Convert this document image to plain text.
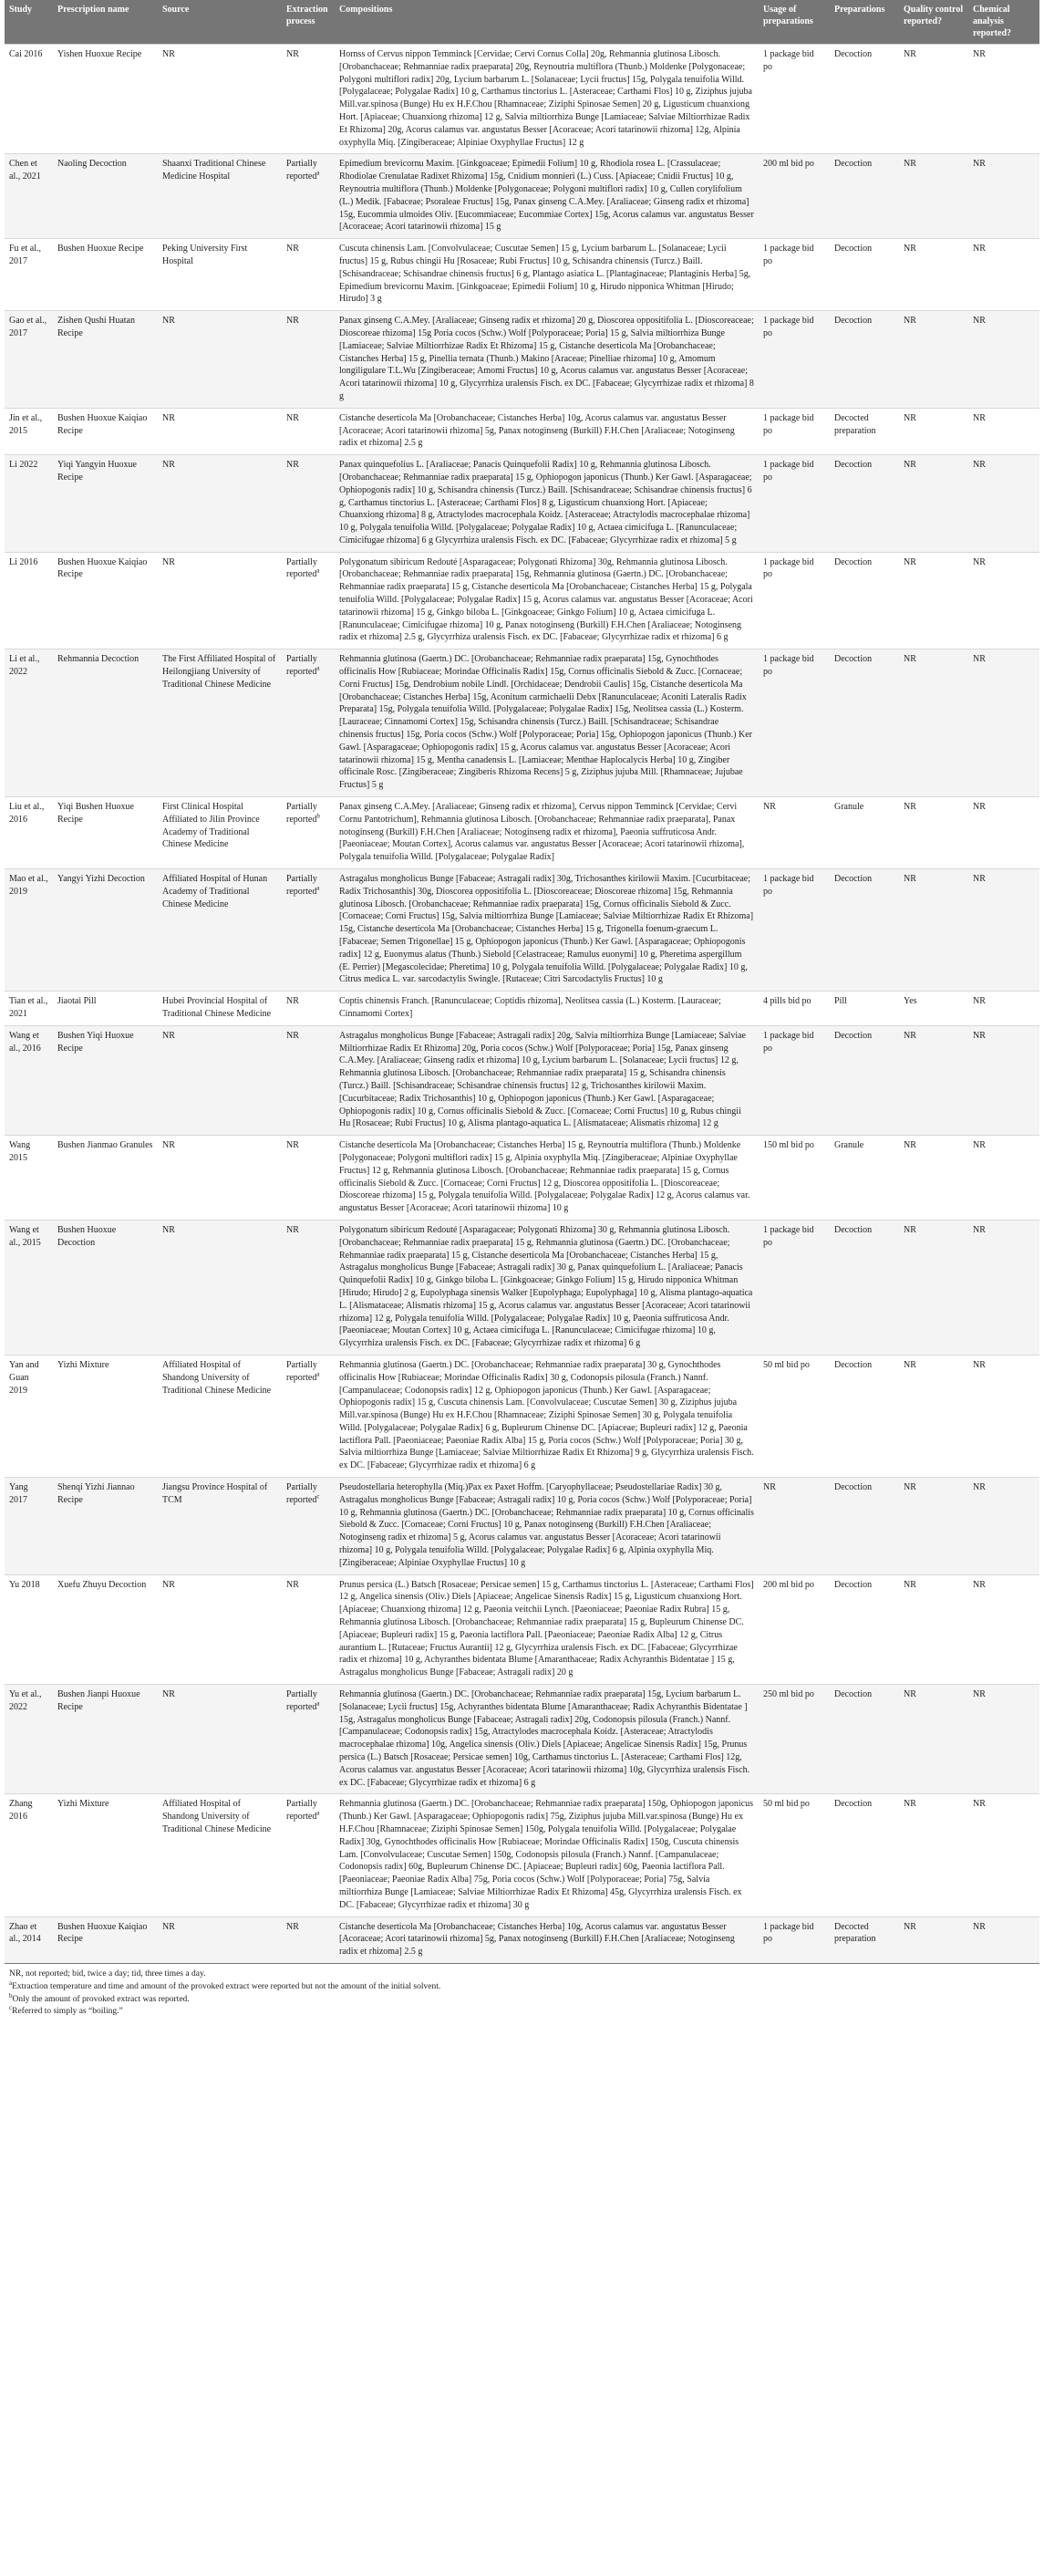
Study	Prescription name	Source	Extraction process	Compositions	Usage of preparations	Preparations	Quality control reported?	Chemical analysis reported?
Cai 2016	Yishen Huoxue Recipe	NR	NR	Hornss of Cervus nippon Temminck [Cervidae; Cervi Cornus Colla] 20g, Rehmannia glutinosa Libosch. [Orobanchaceae; Rehmanniae radix praeparata] 20g, Reynoutria multiflora (Thunb.) Moldenke [Polygonaceae; Polygoni multiflori radix] 20g, Lycium barbarum L. [Solanaceae; Lycii fructus] 15g, Polygala tenuifolia Willd. [Polygalaceae; Polygalae Radix] 10 g, Carthamus tinctorius L. [Asteraceae; Carthami Flos] 10 g, Ziziphus jujuba Mill.var.spinosa (Bunge) Hu ex H.F.Chou [Rhamnaceae; Ziziphi Spinosae Semen] 20 g, Ligusticum chuanxiong Hort. [Apiaceae; Chuanxiong rhizoma] 12 g, Salvia miltiorrhiza Bunge [Lamiaceae; Salviae Miltiorrhizae Radix Et Rhizoma] 20g, Acorus calamus var. angustatus Besser [Acoraceae; Acori tatarinowii rhizoma] 12g, Alpinia oxyphylla Miq. [Zingiberaceae; Alpiniae Oxyphyllae Fructus] 12 g	1 package bid po	Decoction	NR	NR
Chen et al., 2021	Naoling Decoction	Shaanxi Traditional Chinese Medicine Hospital	Partially reported$^a$	Epimedium brevicornu Maxim. [Ginkgoaceae; Epimedii Folium] 10 g, Rhodiola rosea L. [Crassulaceae; Rhodiolae Crenulatae Radixet Rhizoma] 15g, Cnidium monnieri (L.) Cuss. [Apiaceae; Cnidii Fructus] 10 g, Reynoutria multiflora (Thunb.) Moldenke [Polygonaceae; Polygoni multiflori radix] 10 g, Cullen corylifolium (L.) Medik. [Fabaceae; Psoraleae Fructus] 15g, Panax ginseng C.A.Mey. [Araliaceae; Ginseng radix et rhizoma] 15g, Eucommia ulmoides Oliv. [Eucommiaceae; Eucommiae Cortex] 15g, Acorus calamus var. angustatus Besser [Acoraceae; Acori tatarinowii rhizoma] 15 g	200 ml bid po	Decoction	NR	NR
Fu et al., 2017	Bushen Huoxue Recipe	Peking University First Hospital	NR	Cuscuta chinensis Lam. [Convolvulaceae; Cuscutae Semen] 15 g, Lycium barbarum L. [Solanaceae; Lycii fructus] 15 g, Rubus chingii Hu [Rosaceae; Rubi Fructus] 10 g, Schisandra chinensis (Turcz.) Baill. [Schisandraceae; Schisandrae chinensis fructus] 6 g, Plantago asiatica L. [Plantaginaceae; Plantaginis Herba] 5g, Epimedium brevicornu Maxim. [Ginkgoaceae; Epimedii Folium] 10 g, Hirudo nipponica Whitman [Hirudo; Hirudo] 3 g	1 package bid po	Decoction	NR	NR
Gao et al., 2017	Zishen Qushi Huatan Recipe	NR	NR	Panax ginseng C.A.Mey. [Araliaceae; Ginseng radix et rhizoma] 20 g, Dioscorea oppositifolia L. [Dioscoreaceae; Dioscoreae rhizoma] 15g Poria cocos (Schw.) Wolf [Polyporaceae; Poria] 15 g, Salvia miltiorrhiza Bunge [Lamiaceae; Salviae Miltiorrhizae Radix Et Rhizoma] 15 g, Cistanche deserticola Ma [Orobanchaceae; Cistanches Herba] 15 g, Pinellia ternata (Thunb.) Makino [Araceae; Pinelliae rhizoma] 10 g, Amomum longiligulare T.L.Wu [Zingiberaceae; Amomi Fructus] 10 g, Acorus calamus var. angustatus Besser [Acoraceae; Acori tatarinowii rhizoma] 10 g, Glycyrrhiza uralensis Fisch. ex DC. [Fabaceae; Glycyrrhizae radix et rhizoma] 8 g	1 package bid po	Decoction	NR	NR
Jin et al., 2015	Bushen Huoxue Kaiqiao Recipe	NR	NR	Cistanche deserticola Ma [Orobanchaceae; Cistanches Herba] 10g, Acorus calamus var. angustatus Besser [Acoraceae; Acori tatarinowii rhizoma] 5g, Panax notoginseng (Burkill) F.H.Chen [Araliaceae; Notoginseng radix et rhizoma] 2.5 g	1 package bid po	Decocted preparation	NR	NR
Li 2022	Yiqi Yangyin Huoxue Recipe	NR	NR	Panax quinquefolius L. [Araliaceae; Panacis Quinquefolii Radix] 10 g, Rehmannia glutinosa Libosch. [Orobanchaceae; Rehmanniae radix praeparata] 15 g, Ophiopogon japonicus (Thunb.) Ker Gawl. [Asparagaceae; Ophiopogonis radix] 10 g, Schisandra chinensis (Turcz.) Baill. [Schisandraceae; Schisandrae chinensis fructus] 6 g, Carthamus tinctorius L. [Asteraceae; Carthami Flos] 8 g, Ligusticum chuanxiong Hort. [Apiaceae; Chuanxiong rhizoma] 8 g, Atractylodes macrocephala Koidz. [Asteraceae; Atractylodis macrocephalae rhizoma] 10 g, Polygala tenuifolia Willd. [Polygalaceae; Polygalae Radix] 10 g, Actaea cimicifuga L. [Ranunculaceae; Cimicifugae rhizoma] 6 g Glycyrrhiza uralensis Fisch. ex DC. [Fabaceae; Glycyrrhizae radix et rhizoma] 5 g	1 package bid po	Decoction	NR	NR
Li 2016	Bushen Huoxue Kaiqiao Recipe	NR	Partially reported$^a$	Polygonatum sibiricum Redouté [Asparagaceae; Polygonati Rhizoma] 30g, Rehmannia glutinosa Libosch. [Orobanchaceae; Rehmanniae radix praeparata] 15g, Rehmannia glutinosa (Gaertn.) DC. [Orobanchaceae; Rehmanniae radix praeparata] 15 g, Cistanche deserticola Ma [Orobanchaceae; Cistanches Herba] 15 g, Polygala tenuifolia Willd. [Polygalaceae; Polygalae Radix] 15 g, Acorus calamus var. angustatus Besser [Acoraceae; Acori tatarinowii rhizoma] 15 g, Ginkgo biloba L. [Ginkgoaceae; Ginkgo Folium] 10 g, Actaea cimicifuga L. [Ranunculaceae; Cimicifugae rhizoma] 10 g, Panax notoginseng (Burkill) F.H.Chen [Araliaceae; Notoginseng radix et rhizoma] 2.5 g, Glycyrrhiza uralensis Fisch. ex DC. [Fabaceae; Glycyrrhizae radix et rhizoma] 6 g	1 package bid po	Decoction	NR	NR
Li et al., 2022	Rehmannia Decoction	The First Affiliated Hospital of Heilongjiang University of Traditional Chinese Medicine	Partially reported$^a$	Rehmannia glutinosa (Gaertn.) DC. [Orobanchaceae; Rehmanniae radix praeparata] 15g, Gynochthodes officinalis How [Rubiaceae; Morindae Officinalis Radix] 15g, Cornus officinalis Siebold & Zucc. [Cornaceae; Corni Fructus] 15g, Dendrobium nobile Lindl. [Orchidaceae; Dendrobii Caulis] 15g, Cistanche deserticola Ma [Orobanchaceae; Cistanches Herba] 15g, Aconitum carmichaelii Debx [Ranunculaceae; Aconiti Lateralis Radix Preparata] 15g, Polygala tenuifolia Willd. [Polygalaceae; Polygalae Radix] 15g, Neolitsea cassia (L.) Kosterm. [Lauraceae; Cinnamomi Cortex] 15g, Schisandra chinensis (Turcz.) Baill. [Schisandraceae; Schisandrae chinensis fructus] 15g, Poria cocos (Schw.) Wolf [Polyporaceae; Poria] 15g, Ophiopogon japonicus (Thunb.) Ker Gawl. [Asparagaceae; Ophiopogonis radix] 15 g, Acorus calamus var. angustatus Besser [Acoraceae; Acori tatarinowii rhizoma] 15 g, Mentha canadensis L. [Lamiaceae; Menthae Haplocalycis Herba] 10 g, Zingiber officinale Rosc. [Zingiberaceae; Zingiberis Rhizoma Recens] 5 g, Ziziphus jujuba Mill. [Rhamnaceae; Jujubae Fructus] 5 g	1 package bid po	Decoction	NR	NR
Liu et al., 2016	Yiqi Bushen Huoxue Recipe	First Clinical Hospital Affiliated to Jilin Province Academy of Traditional Chinese Medicine	Partially reported$^b$	Panax ginseng C.A.Mey. [Araliaceae; Ginseng radix et rhizoma], Cervus nippon Temminck [Cervidae; Cervi Cornu Pantotrichum], Rehmannia glutinosa Libosch. [Orobanchaceae; Rehmanniae radix praeparata], Panax notoginseng (Burkill) F.H.Chen [Araliaceae; Notoginseng radix et rhizoma], Paeonia suffruticosa Andr. [Paeoniaceae; Moutan Cortex], Acorus calamus var. angustatus Besser [Acoraceae; Acori tatarinowii rhizoma], Polygala tenuifolia Willd. [Polygalaceae; Polygalae Radix]	NR	Granule	NR	NR
Mao et al., 2019	Yangyi Yizhi Decoction	Affiliated Hospital of Hunan Academy of Traditional Chinese Medicine	Partially reported$^a$	Astragalus mongholicus Bunge [Fabaceae; Astragali radix] 30g, Trichosanthes kirilowii Maxim. [Cucurbitaceae; Radix Trichosanthis] 30g, Dioscorea oppositifolia L. [Dioscoreaceae; Dioscoreae rhizoma] 15g, Rehmannia glutinosa Libosch. [Orobanchaceae; Rehmanniae radix praeparata] 15g, Cornus officinalis Siebold & Zucc. [Cornaceae; Corni Fructus] 15g, Salvia miltiorrhiza Bunge [Lamiaceae; Salviae Miltiorrhizae Radix Et Rhizoma] 15g, Cistanche deserticola Ma [Orobanchaceae; Cistanches Herba] 15 g, Trigonella foenum-graecum L. [Fabaceae; Semen Trigonellae] 15 g, Ophiopogon japonicus (Thunb.) Ker Gawl. [Asparagaceae; Ophiopogonis radix] 12 g, Euonymus alatus (Thunb.) Siebold [Celastraceae; Ramulus euonymi] 10 g, Pheretima aspergillum (E. Perrier) [Megascolecidae; Pheretima] 10 g, Polygala tenuifolia Willd. [Polygalaceae; Polygalae Radix] 10 g, Citrus medica L. var. sarcodactylis Swingle. [Rutaceae; Citri Sarcodactylis Fructus] 10 g	1 package bid po	Decoction	NR	NR
Tian et al., 2021	Jiaotai Pill	Hubei Provincial Hospital of Traditional Chinese Medicine	NR	Coptis chinensis Franch. [Ranunculaceae; Coptidis rhizoma], Neolitsea cassia (L.) Kosterm. [Lauraceae; Cinnamomi Cortex]	4 pills bid po	Pill	Yes	NR
Wang et al., 2016	Bushen Yiqi Huoxue Recipe	NR	NR	Astragalus mongholicus Bunge [Fabaceae; Astragali radix] 20g, Salvia miltiorrhiza Bunge [Lamiaceae; Salviae Miltiorrhizae Radix Et Rhizoma] 20g, Poria cocos (Schw.) Wolf [Polyporaceae; Poria] 15g, Panax ginseng C.A.Mey. [Araliaceae; Ginseng radix et rhizoma] 10 g, Lycium barbarum L. [Solanaceae; Lycii fructus] 12 g, Rehmannia glutinosa Libosch. [Orobanchaceae; Rehmanniae radix praeparata] 15 g, Schisandra chinensis (Turcz.) Baill. [Schisandraceae; Schisandrae chinensis fructus] 12 g, Trichosanthes kirilowii Maxim. [Cucurbitaceae; Radix Trichosanthis] 10 g, Ophiopogon japonicus (Thunb.) Ker Gawl. [Asparagaceae; Ophiopogonis radix] 10 g, Cornus officinalis Siebold & Zucc. [Cornaceae; Corni Fructus] 10 g, Rubus chingii Hu [Rosaceae; Rubi Fructus] 10 g, Alisma plantago-aquatica L. [Alismataceae; Alismatis rhizoma] 12 g	1 package bid po	Decoction	NR	NR
Wang 2015	Bushen Jianmao Granules	NR	NR	Cistanche deserticola Ma [Orobanchaceae; Cistanches Herba] 15 g, Reynoutria multiflora (Thunb.) Moldenke [Polygonaceae; Polygoni multiflori radix] 15 g, Alpinia oxyphylla Miq. [Zingiberaceae; Alpiniae Oxyphyllae Fructus] 12 g, Rehmannia glutinosa Libosch. [Orobanchaceae; Rehmanniae radix praeparata] 15 g, Cornus officinalis Siebold & Zucc. [Cornaceae; Corni Fructus] 12 g, Dioscorea oppositifolia L. [Dioscoreaceae; Dioscoreae rhizoma] 15 g, Polygala tenuifolia Willd. [Polygalaceae; Polygalae Radix] 12 g, Acorus calamus var. angustatus Besser [Acoraceae; Acori tatarinowii rhizoma] 10 g	150 ml bid po	Granule	NR	NR
Wang et al., 2015	Bushen Huoxue Decoction	NR	NR	Polygonatum sibiricum Redouté [Asparagaceae; Polygonati Rhizoma] 30 g, Rehmannia glutinosa Libosch. [Orobanchaceae; Rehmanniae radix praeparata] 15 g, Rehmannia glutinosa (Gaertn.) DC. [Orobanchaceae; Rehmanniae radix praeparata] 15 g, Cistanche deserticola Ma [Orobanchaceae; Cistanches Herba] 15 g, Astragalus mongholicus Bunge [Fabaceae; Astragali radix] 30 g, Panax quinquefolium L. [Araliaceae; Panacis Quinquefolii Radix] 10 g, Ginkgo biloba L. [Ginkgoaceae; Ginkgo Folium] 15 g, Hirudo nipponica Whitman [Hirudo; Hirudo] 2 g, Eupolyphaga sinensis Walker [Eupolyphaga; Eupolyphaga] 10 g, Alisma plantago-aquatica L. [Alismataceae; Alismatis rhizoma] 15 g, Acorus calamus var. angustatus Besser [Acoraceae; Acori tatarinowii rhizoma] 12 g, Polygala tenuifolia Willd. [Polygalaceae; Polygalae Radix] 10 g, Paeonia suffruticosa Andr. [Paeoniaceae; Moutan Cortex] 10 g, Actaea cimicifuga L. [Ranunculaceae; Cimicifugae rhizoma] 10 g, Glycyrrhiza uralensis Fisch. ex DC. [Fabaceae; Glycyrrhizae radix et rhizoma] 6 g	1 package bid po	Decoction	NR	NR
Yan and Guan 2019	Yizhi Mixture	Affiliated Hospital of Shandong University of Traditional Chinese Medicine	Partially reported$^a$	Rehmannia glutinosa (Gaertn.) DC. [Orobanchaceae; Rehmanniae radix praeparata] 30 g, Gynochthodes officinalis How [Rubiaceae; Morindae Officinalis Radix] 30 g, Codonopsis pilosula (Franch.) Nannf. [Campanulaceae; Codonopsis radix] 12 g, Ophiopogon japonicus (Thunb.) Ker Gawl. [Asparagaceae; Ophiopogonis radix] 15 g, Cuscuta chinensis Lam. [Convolvulaceae; Cuscutae Semen] 30 g, Ziziphus jujuba Mill.var.spinosa (Bunge) Hu ex H.F.Chou [Rhamnaceae; Ziziphi Spinosae Semen] 30 g, Polygala tenuifolia Willd. [Polygalaceae; Polygalae Radix] 6 g, Bupleurum Chinense DC. [Apiaceae; Bupleuri radix] 12 g, Paeonia lactiflora Pall. [Paeoniaceae; Paeoniae Radix Alba] 15 g, Poria cocos (Schw.) Wolf [Polyporaceae; Poria] 30 g, Salvia miltiorrhiza Bunge [Lamiaceae; Salviae Miltiorrhizae Radix Et Rhizoma] 9 g, Glycyrrhiza uralensis Fisch. ex DC. [Fabaceae; Glycyrrhizae radix et rhizoma] 6 g	50 ml bid po	Decoction	NR	NR
Yang 2017	Shenqi Yizhi Jiannao Recipe	Jiangsu Province Hospital of TCM	Partially reported$^c$	Pseudostellaria heterophylla (Miq.)Pax ex Paxet Hoffm. [Caryophyllaceae; Pseudostellariae Radix] 30 g, Astragalus mongholicus Bunge [Fabaceae; Astragali radix] 10 g, Poria cocos (Schw.) Wolf [Polyporaceae; Poria] 10 g, Rehmannia glutinosa (Gaertn.) DC. [Orobanchaceae; Rehmanniae radix praeparata] 10 g, Cornus officinalis Siebold & Zucc. [Cornaceae; Corni Fructus] 10 g, Panax notoginseng (Burkill) F.H.Chen [Araliaceae; Notoginseng radix et rhizoma] 5 g, Acorus calamus var. angustatus Besser [Acoraceae; Acori tatarinowii rhizoma] 10 g, Polygala tenuifolia Willd. [Polygalaceae; Polygalae Radix] 6 g, Alpinia oxyphylla Miq. [Zingiberaceae; Alpiniae Oxyphyllae Fructus] 10 g	NR	Decoction	NR	NR
Yu 2018	Xuefu Zhuyu Decoction	NR	NR	Prunus persica (L.) Batsch [Rosaceae; Persicae semen] 15 g, Carthamus tinctorius L. [Asteraceae; Carthami Flos] 12 g, Angelica sinensis (Oliv.) Diels [Apiaceae; Angelicae Sinensis Radix] 15 g, Ligusticum chuanxiong Hort. [Apiaceae; Chuanxiong rhizoma] 12 g, Paeonia veitchii Lynch. [Paeoniaceae; Paeoniae Radix Rubra] 15 g, Rehmannia glutinosa Libosch. [Orobanchaceae; Rehmanniae radix praeparata] 15 g, Bupleurum Chinense DC. [Apiaceae; Bupleuri radix] 15 g, Paeonia lactiflora Pall. [Paeoniaceae; Paeoniae Radix Alba] 12 g, Citrus aurantium L. [Rutaceae; Fructus Aurantii] 12 g, Glycyrrhiza uralensis Fisch. ex DC. [Fabaceae; Glycyrrhizae radix et rhizoma] 10 g, Achyranthes bidentata Blume [Amaranthaceae; Radix Achyranthis Bidentatae ] 15 g, Astragalus mongholicus Bunge [Fabaceae; Astragali radix] 20 g	200 ml bid po	Decoction	NR	NR
Yu et al., 2022	Bushen Jianpi Huoxue Recipe	NR	Partially reported$^a$	Rehmannia glutinosa (Gaertn.) DC. [Orobanchaceae; Rehmanniae radix praeparata] 15g, Lycium barbarum L. [Solanaceae; Lycii fructus] 15g, Achyranthes bidentata Blume [Amaranthaceae; Radix Achyranthis Bidentatae ] 15g, Astragalus mongholicus Bunge [Fabaceae; Astragali radix] 20g, Codonopsis pilosula (Franch.) Nannf. [Campanulaceae; Codonopsis radix] 15g, Atractylodes macrocephala Koidz. [Asteraceae; Atractylodis macrocephalae rhizoma] 10g, Angelica sinensis (Oliv.) Diels [Apiaceae; Angelicae Sinensis Radix] 15g, Prunus persica (L.) Batsch [Rosaceae; Persicae semen] 10g, Carthamus tinctorius L. [Asteraceae; Carthami Flos] 12g, Acorus calamus var. angustatus Besser [Acoraceae; Acori tatarinowii rhizoma] 10g, Glycyrrhiza uralensis Fisch. ex DC. [Fabaceae; Glycyrrhizae radix et rhizoma] 6 g	250 ml bid po	Decoction	NR	NR
Zhang 2016	Yizhi Mixture	Affiliated Hospital of Shandong University of Traditional Chinese Medicine	Partially reported$^a$	Rehmannia glutinosa (Gaertn.) DC. [Orobanchaceae; Rehmanniae radix praeparata] 150g, Ophiopogon japonicus (Thunb.) Ker Gawl. [Asparagaceae; Ophiopogonis radix] 75g, Ziziphus jujuba Mill.var.spinosa (Bunge) Hu ex H.F.Chou [Rhamnaceae; Ziziphi Spinosae Semen] 150g, Polygala tenuifolia Willd. [Polygalaceae; Polygalae Radix] 30g, Gynochthodes officinalis How [Rubiaceae; Morindae Officinalis Radix] 150g, Cuscuta chinensis Lam. [Convolvulaceae; Cuscutae Semen] 150g, Codonopsis pilosula (Franch.) Nannf. [Campanulaceae; Codonopsis radix] 60g, Bupleurum Chinense DC. [Apiaceae; Bupleuri radix] 60g, Paeonia lactiflora Pall. [Paeoniaceae; Paeoniae Radix Alba] 75g, Poria cocos (Schw.) Wolf [Polyporaceae; Poria] 75g, Salvia miltiorrhiza Bunge [Lamiaceae; Salviae Miltiorrhizae Radix Et Rhizoma] 45g, Glycyrrhiza uralensis Fisch. ex DC. [Fabaceae; Glycyrrhizae radix et rhizoma] 30 g	50 ml bid po	Decoction	NR	NR
Zhao et al., 2014	Bushen Huoxue Kaiqiao Recipe	NR	NR	Cistanche deserticola Ma [Orobanchaceae; Cistanches Herba] 10g, Acorus calamus var. angustatus Besser [Acoraceae; Acori tatarinowii rhizoma] 5g, Panax notoginseng (Burkill) F.H.Chen [Araliaceae; Notoginseng radix et rhizoma] 2.5 g	1 package bid po	Decocted preparation	NR	NR
NR, not reported; bid, twice a day; tid, three times a day.
$^a$Extraction temperature and time and amount of the provoked extract were reported but not the amount of the initial solvent.
$^b$Only the amount of provoked extract was reported.
$^c$Referred to simply as “boiling.”
